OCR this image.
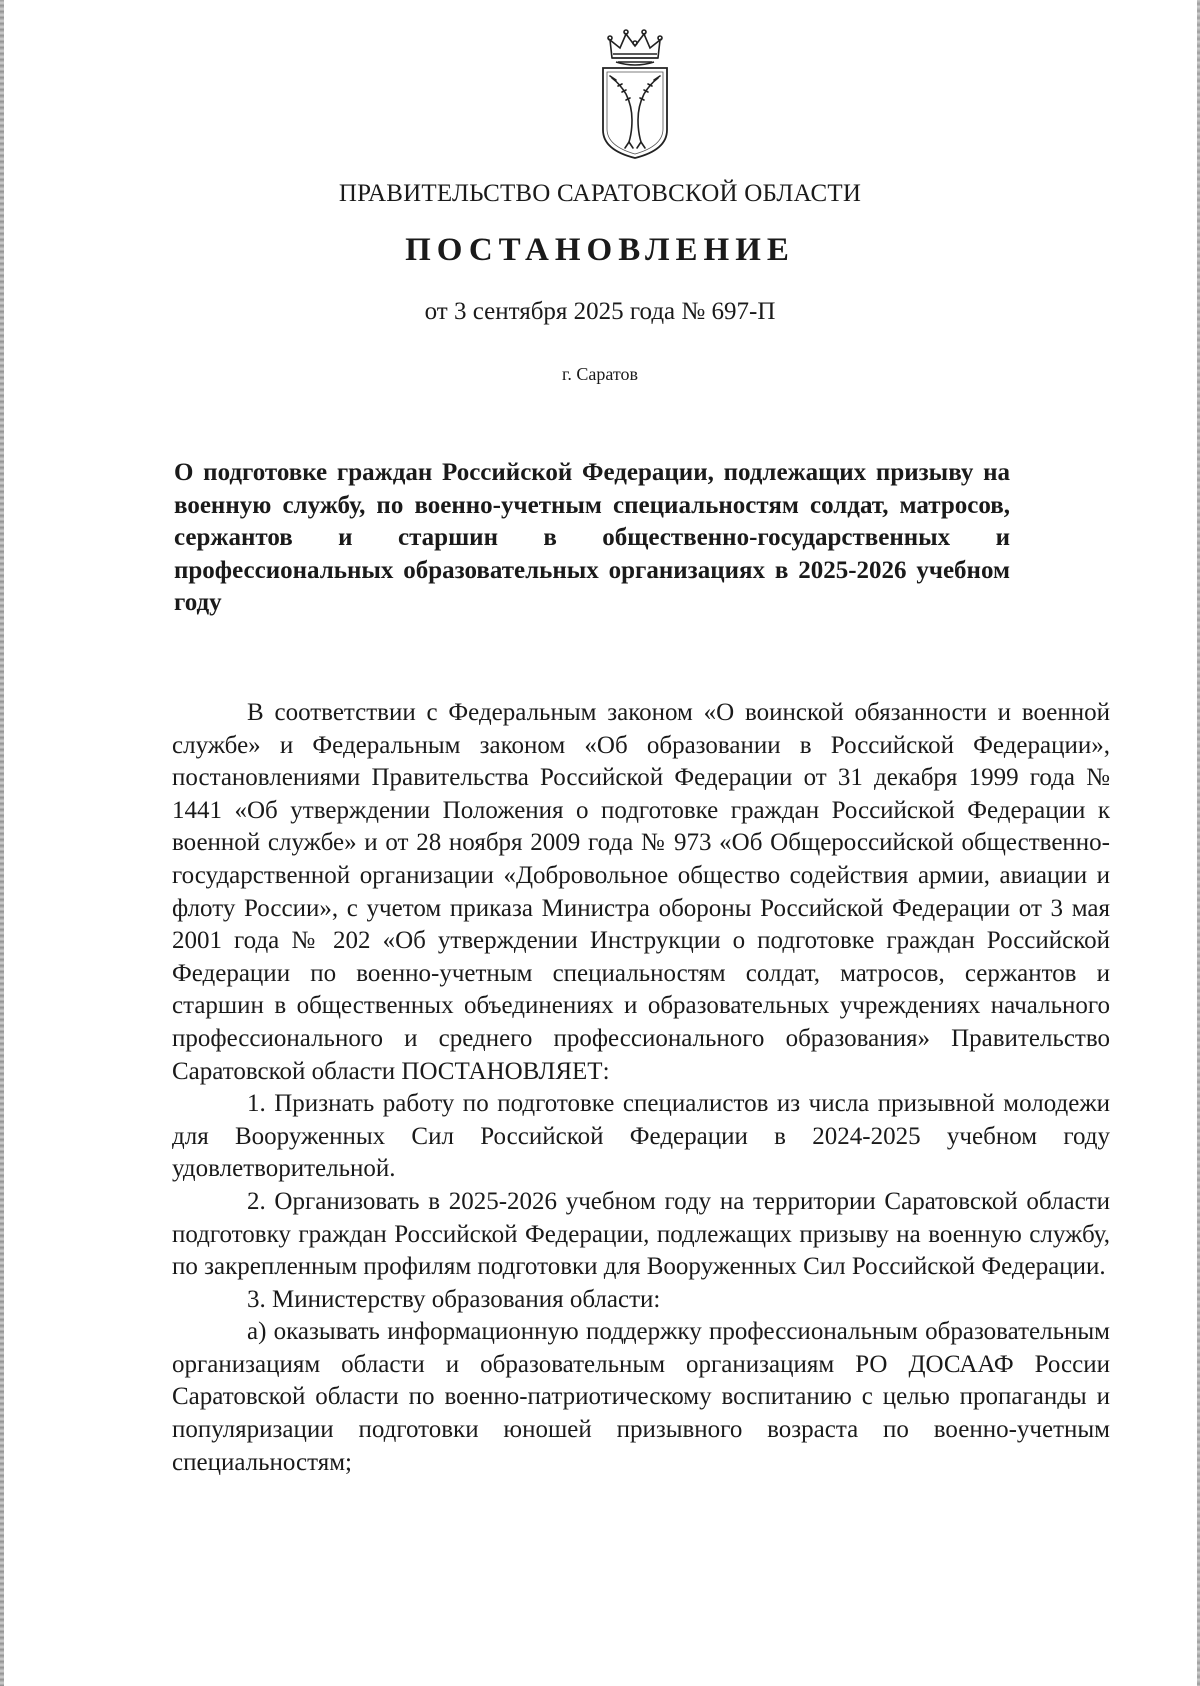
ПРАВИТЕЛЬСТВО САРАТОВСКОЙ ОБЛАСТИ
ПОСТАНОВЛЕНИЕ
от 3 сентября 2025 года № 697-П
г. Саратов

О подготовке граждан Российской Федерации, подлежащих призыву на военную службу, по военно-учетным специальностям солдат, матросов, сержантов и старшин в общественно-государственных и профессиональных образовательных организациях в 2025-2026 учебном году

В соответствии с Федеральным законом «О воинской обязанности и военной службе» и Федеральным законом «Об образовании в Российской Федерации», постановлениями Правительства Российской Федерации от 31 декабря 1999 года № 1441 «Об утверждении Положения о подготовке граждан Российской Федерации к военной службе» и от 28 ноября 2009 года № 973 «Об Общероссийской общественно-государственной организации «Добровольное общество содействия армии, авиации и флоту России», с учетом приказа Министра обороны Российской Федерации от 3 мая 2001 года № 202 «Об утверждении Инструкции о подготовке граждан Российской Федерации по военно-учетным специальностям солдат, матросов, сержантов и старшин в общественных объединениях и образовательных учреждениях начального профессионального и среднего профессионального образования» Правительство Саратовской области ПОСТАНОВЛЯЕТ:

1. Признать работу по подготовке специалистов из числа призывной молодежи для Вооруженных Сил Российской Федерации в 2024-2025 учебном году удовлетворительной.

2. Организовать в 2025-2026 учебном году на территории Саратовской области подготовку граждан Российской Федерации, подлежащих призыву на военную службу, по закрепленным профилям подготовки для Вооруженных Сил Российской Федерации.

3. Министерству образования области:

а) оказывать информационную поддержку профессиональным образовательным организациям области и образовательным организациям РО ДОСААФ России Саратовской области по военно-патриотическому воспитанию с целью пропаганды и популяризации подготовки юношей призывного возраста по военно-учетным специальностям;
